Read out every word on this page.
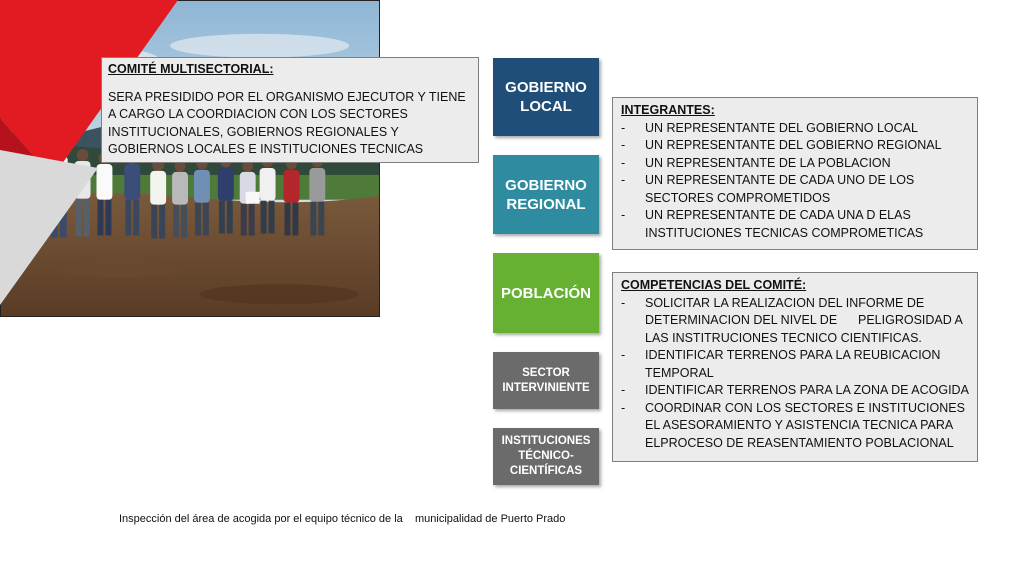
COMITÉ MULTISECTORIAL:
SERA PRESIDIDO POR EL ORGANISMO EJECUTOR Y TIENE A CARGO LA COORDIACION CON LOS SECTORES INSTITUCIONALES, GOBIERNOS REGIONALES Y GOBIERNOS LOCALES E INSTITUCIONES TECNICAS
GOBIERNO LOCAL
GOBIERNO REGIONAL
POBLACIÓN
SECTOR INTERVINIENTE
INSTITUCIONES TÉCNICO-CIENTÍFICAS
INTEGRANTES:
- UN REPRESENTANTE DEL GOBIERNO LOCAL
- UN REPRESENTANTE DEL GOBIERNO REGIONAL
- UN REPRESENTANTE DE LA POBLACION
- UN REPRESENTANTE DE CADA UNO DE LOS SECTORES COMPROMETIDOS
- UN REPRESENTANTE DE CADA UNA D ELAS INSTITUCIONES TECNICAS COMPROMETICAS
COMPETENCIAS DEL COMITÉ:
- SOLICITAR LA REALIZACION DEL INFORME DE DETERMINACION DEL NIVEL DE      PELIGROSIDAD A LAS INSTITRUCIONES TECNICO CIENTIFICAS.
- IDENTIFICAR TERRENOS PARA LA REUBICACION TEMPORAL
- IDENTIFICAR TERRENOS PARA LA ZONA DE ACOGIDA
- COORDINAR CON LOS SECTORES E INSTITUCIONES EL ASESORAMIENTO Y ASISTENCIA TECNICA PARA ELPROCESO DE REASENTAMIENTO POBLACIONAL
Inspección del área de acogida por el equipo técnico de la    municipalidad de Puerto Prado
